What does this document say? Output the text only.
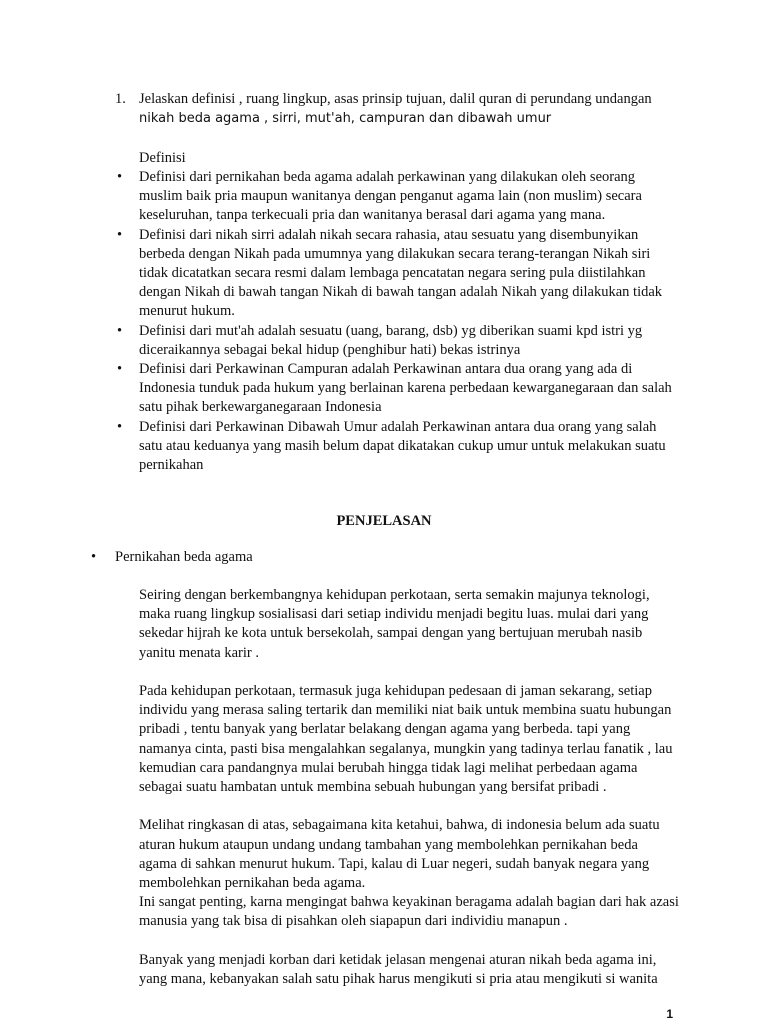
1. Jelaskan definisi , ruang lingkup, asas prinsip tujuan, dalil quran di perundang undangan
nikah beda agama , sirri, mut'ah, campuran dan dibawah umur
Definisi
• Definisi dari pernikahan beda agama adalah perkawinan yang dilakukan oleh seorang muslim baik pria maupun wanitanya dengan penganut agama lain (non muslim) secara keseluruhan, tanpa terkecuali pria dan wanitanya berasal dari agama yang mana.
• Definisi dari nikah sirri adalah nikah secara rahasia, atau sesuatu yang disembunyikan berbeda dengan Nikah pada umumnya yang dilakukan secara terang-terangan Nikah siri tidak dicatatkan secara resmi dalam lembaga pencatatan negara sering pula diistilahkan dengan Nikah di bawah tangan Nikah di bawah tangan adalah Nikah yang dilakukan tidak menurut hukum.
• Definisi dari mut'ah adalah sesuatu (uang, barang, dsb) yg diberikan suami kpd istri yg diceraikannya sebagai bekal hidup (penghibur hati) bekas istrinya
• Definisi dari Perkawinan Campuran adalah Perkawinan antara dua orang yang ada di Indonesia tunduk pada hukum yang berlainan karena perbedaan kewarganegaraan dan salah satu pihak berkewarganegaraan Indonesia
• Definisi dari Perkawinan Dibawah Umur adalah Perkawinan antara dua orang yang salah satu atau keduanya yang masih belum dapat dikatakan cukup umur untuk melakukan suatu pernikahan
PENJELASAN
• Pernikahan beda agama

Seiring dengan berkembangnya kehidupan perkotaan, serta semakin majunya teknologi, maka ruang lingkup sosialisasi dari setiap individu menjadi begitu luas. mulai dari yang sekedar hijrah ke kota untuk bersekolah, sampai dengan yang bertujuan merubah nasib yanitu menata karir .

Pada kehidupan perkotaan, termasuk juga kehidupan pedesaan di jaman sekarang, setiap individu yang merasa saling tertarik dan memiliki niat baik untuk membina suatu hubungan pribadi , tentu banyak yang berlatar belakang dengan agama yang berbeda. tapi yang namanya cinta, pasti bisa mengalahkan segalanya, mungkin yang tadinya terlau fanatik , lau kemudian cara pandangnya mulai berubah hingga tidak lagi melihat perbedaan agama sebagai suatu hambatan untuk membina sebuah hubungan yang bersifat pribadi .

Melihat ringkasan di atas, sebagaimana kita ketahui, bahwa, di indonesia belum ada suatu aturan hukum ataupun undang undang tambahan yang membolehkan pernikahan beda agama di sahkan menurut hukum. Tapi, kalau di Luar negeri, sudah banyak negara yang membolehkan pernikahan beda agama.

Ini sangat penting, karna mengingat bahwa keyakinan beragama adalah bagian dari hak azasi manusia yang tak bisa di pisahkan oleh siapapun dari individiu manapun .

Banyak yang menjadi korban dari ketidak jelasan mengenai aturan nikah beda agama ini, yang mana, kebanyakan salah satu pihak harus mengikuti si pria atau mengikuti si wanita

1
